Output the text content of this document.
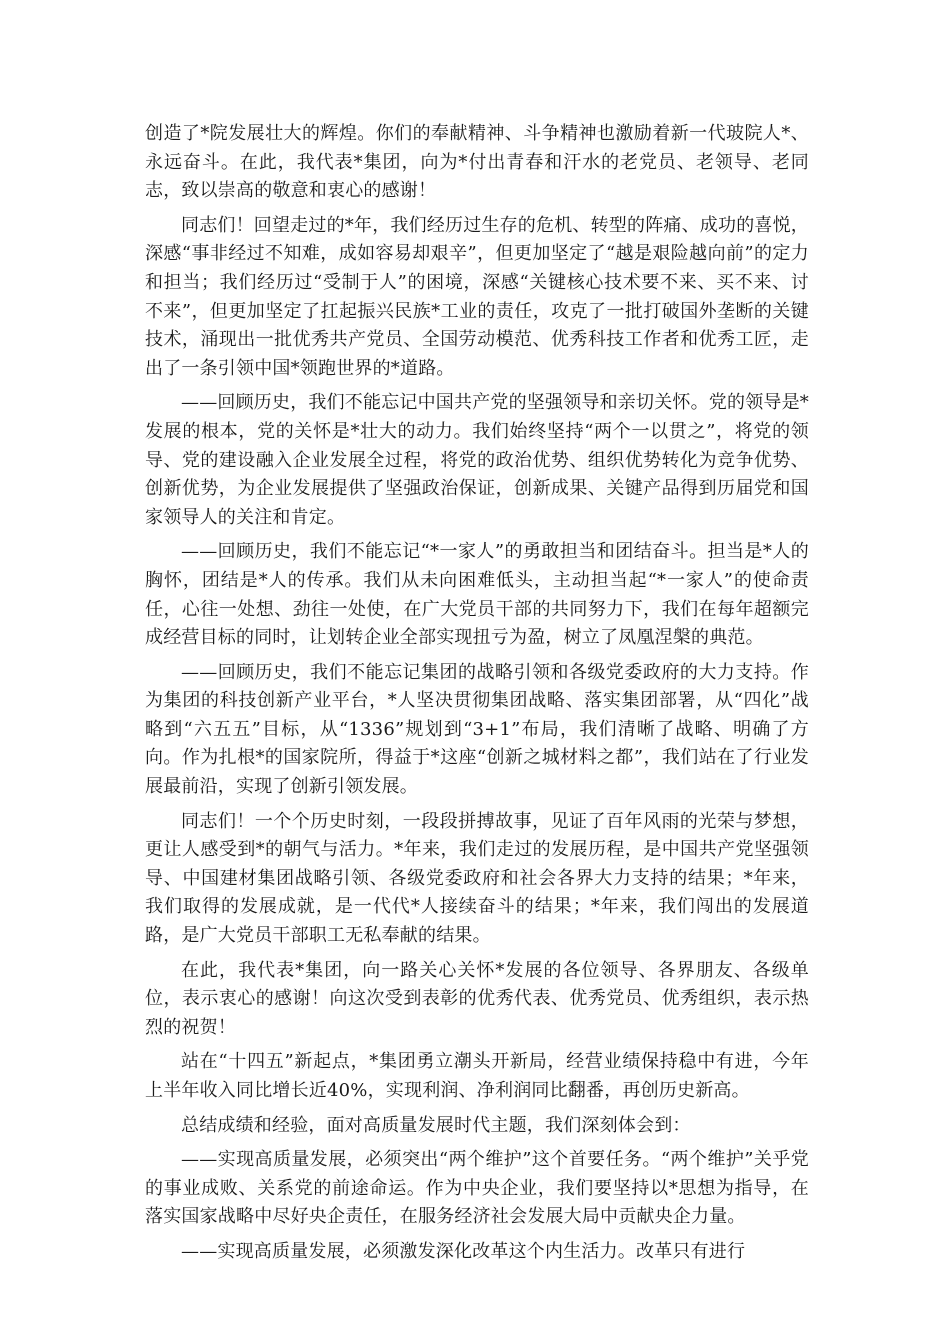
创造了*院发展壮大的辉煌。你们的奉献精神、斗争精神也激励着新一代玻院人*、永远奋斗。在此，我代表*集团，向为*付出青春和汗水的老党员、老领导、老同志，致以崇高的敬意和衷心的感谢！

同志们！回望走过的*年，我们经历过生存的危机、转型的阵痛、成功的喜悦，深感“事非经过不知难，成如容易却艰辛”，但更加坚定了“越是艰险越向前”的定力和担当；我们经历过“受制于人”的困境，深感“关键核心技术要不来、买不来、讨不来”，但更加坚定了扛起振兴民族*工业的责任，攻克了一批打破国外垄断的关键技术，涌现出一批优秀共产党员、全国劳动模范、优秀科技工作者和优秀工匠，走出了一条引领中国*领跑世界的*道路。

——回顾历史，我们不能忘记中国共产党的坚强领导和亲切关怀。党的领导是*发展的根本，党的关怀是*壮大的动力。我们始终坚持“两个一以贯之”，将党的领导、党的建设融入企业发展全过程，将党的政治优势、组织优势转化为竞争优势、创新优势，为企业发展提供了坚强政治保证，创新成果、关键产品得到历届党和国家领导人的关注和肯定。

——回顾历史，我们不能忘记“*一家人”的勇敢担当和团结奋斗。担当是*人的胸怀，团结是*人的传承。我们从未向困难低头，主动担当起“*一家人”的使命责任，心往一处想、劲往一处使，在广大党员干部的共同努力下，我们在每年超额完成经营目标的同时，让划转企业全部实现扭亏为盈，树立了凤凰涅槃的典范。

——回顾历史，我们不能忘记集团的战略引领和各级党委政府的大力支持。作为集团的科技创新产业平台，*人坚决贯彻集团战略、落实集团部署，从“四化”战略到“六五五”目标，从“1336”规划到“3+1”布局，我们清晰了战略、明确了方向。作为扎根*的国家院所，得益于*这座“创新之城材料之都”，我们站在了行业发展最前沿，实现了创新引领发展。

同志们！一个个历史时刻，一段段拼搏故事，见证了百年风雨的光荣与梦想，更让人感受到*的朝气与活力。*年来，我们走过的发展历程，是中国共产党坚强领导、中国建材集团战略引领、各级党委政府和社会各界大力支持的结果；*年来，我们取得的发展成就，是一代代*人接续奋斗的结果；*年来，我们闯出的发展道路，是广大党员干部职工无私奉献的结果。

在此，我代表*集团，向一路关心关怀*发展的各位领导、各界朋友、各级单位，表示衷心的感谢！向这次受到表彰的优秀代表、优秀党员、优秀组织，表示热烈的祝贺！

站在“十四五”新起点，*集团勇立潮头开新局，经营业绩保持稳中有进，今年上半年收入同比增长近40%，实现利润、净利润同比翻番，再创历史新高。

总结成绩和经验，面对高质量发展时代主题，我们深刻体会到：

——实现高质量发展，必须突出“两个维护”这个首要任务。“两个维护”关乎党的事业成败、关系党的前途命运。作为中央企业，我们要坚持以*思想为指导，在落实国家战略中尽好央企责任，在服务经济社会发展大局中贡献央企力量。

——实现高质量发展，必须激发深化改革这个内生活力。改革只有进行
